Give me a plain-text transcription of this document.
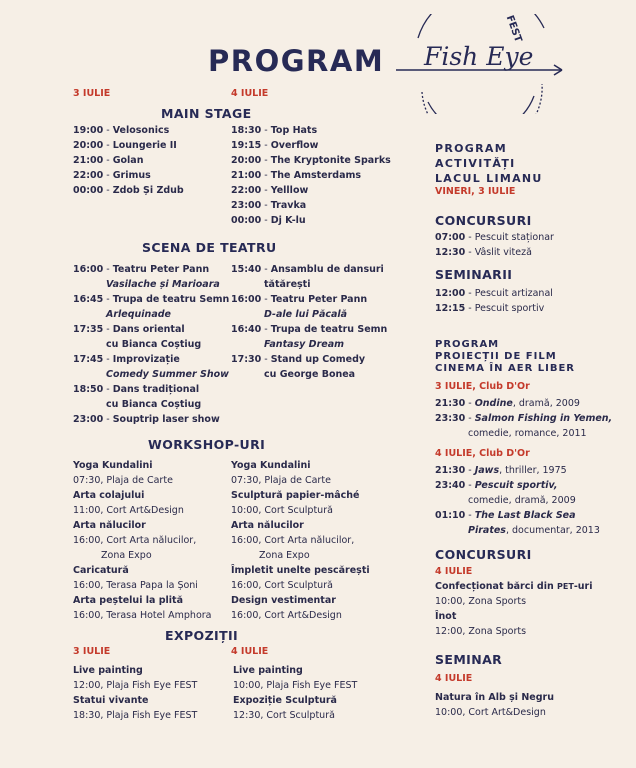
PROGRAM Fish Eye
FEST
3 IULIE	4 IULIE
MAIN STAGE
19:00 - Velosonics
20:00 - Loungerie II
21:00 - Golan
22:00 - Grimus
00:00 - Zdob Și Zdub
18:30 - Top Hats
19:15 - Overflow
20:00 - The Kryptonite Sparks
21:00 - The Amsterdams
22:00 - Yelllow
23:00 - Travka
00:00 - Dj K-lu
SCENA DE TEATRU
16:00 - Teatru Peter Pann
Vasilache și Marioara
16:45 - Trupa de teatru Semn
Arlequinade
17:35 - Dans oriental
cu Bianca Coștiug
17:45 - Improvizație
Comedy Summer Show
18:50 - Dans tradițional
cu Bianca Coștiug
23:00 - Souptrip laser show
15:40 - Ansamblu de dansuri
tătărești
16:00 - Teatru Peter Pann
D-ale lui Păcală
16:40 - Trupa de teatru Semn
Fantasy Dream
17:30 - Stand up Comedy
cu George Bonea
WORKSHOP-URI
Yoga Kundalini
07:30, Plaja de Carte
Arta colajului
11:00, Cort Art&Design
Arta nălucilor
16:00, Cort Arta nălucilor,
Zona Expo
Caricatură
16:00, Terasa Papa la Șoni
Arta peștelui la plită
16:00, Terasa Hotel Amphora
Yoga Kundalini
07:30, Plaja de Carte
Sculptură papier-mâché
10:00, Cort Sculptură
Arta nălucilor
16:00, Cort Arta nălucilor,
Zona Expo
Împletit unelte pescărești
16:00, Cort Sculptură
Design vestimentar
16:00, Cort Art&Design
EXPOZIȚII
3 IULIE	4 IULIE
Live painting
12:00, Plaja Fish Eye FEST
Statui vivante
18:30, Plaja Fish Eye FEST
Live painting
10:00, Plaja Fish Eye FEST
Expoziție Sculptură
12:30, Cort Sculptură
PROGRAM
ACTIVITĂȚI
LACUL LIMANU
VINERI, 3 IULIE
CONCURSURI
07:00 - Pescuit staționar
12:30 - Vâslit viteză
SEMINARII
12:00 - Pescuit artizanal
12:15 - Pescuit sportiv
PROGRAM
PROIECȚII DE FILM
CINEMA ÎN AER LIBER
3 IULIE, Club D'Or
21:30 - Ondine, dramă, 2009
23:30 - Salmon Fishing in Yemen,
comedie, romance, 2011
4 IULIE, Club D'Or
21:30 - Jaws, thriller, 1975
23:40 - Pescuit sportiv,
comedie, dramă, 2009
01:10 - The Last Black Sea
Pirates, documentar, 2013
CONCURSURI
4 IULIE
Confecționat bărci din PET-uri
10:00, Zona Sports
Înot
12:00, Zona Sports
SEMINAR
4 IULIE
Natura în Alb și Negru
10:00, Cort Art&Design
